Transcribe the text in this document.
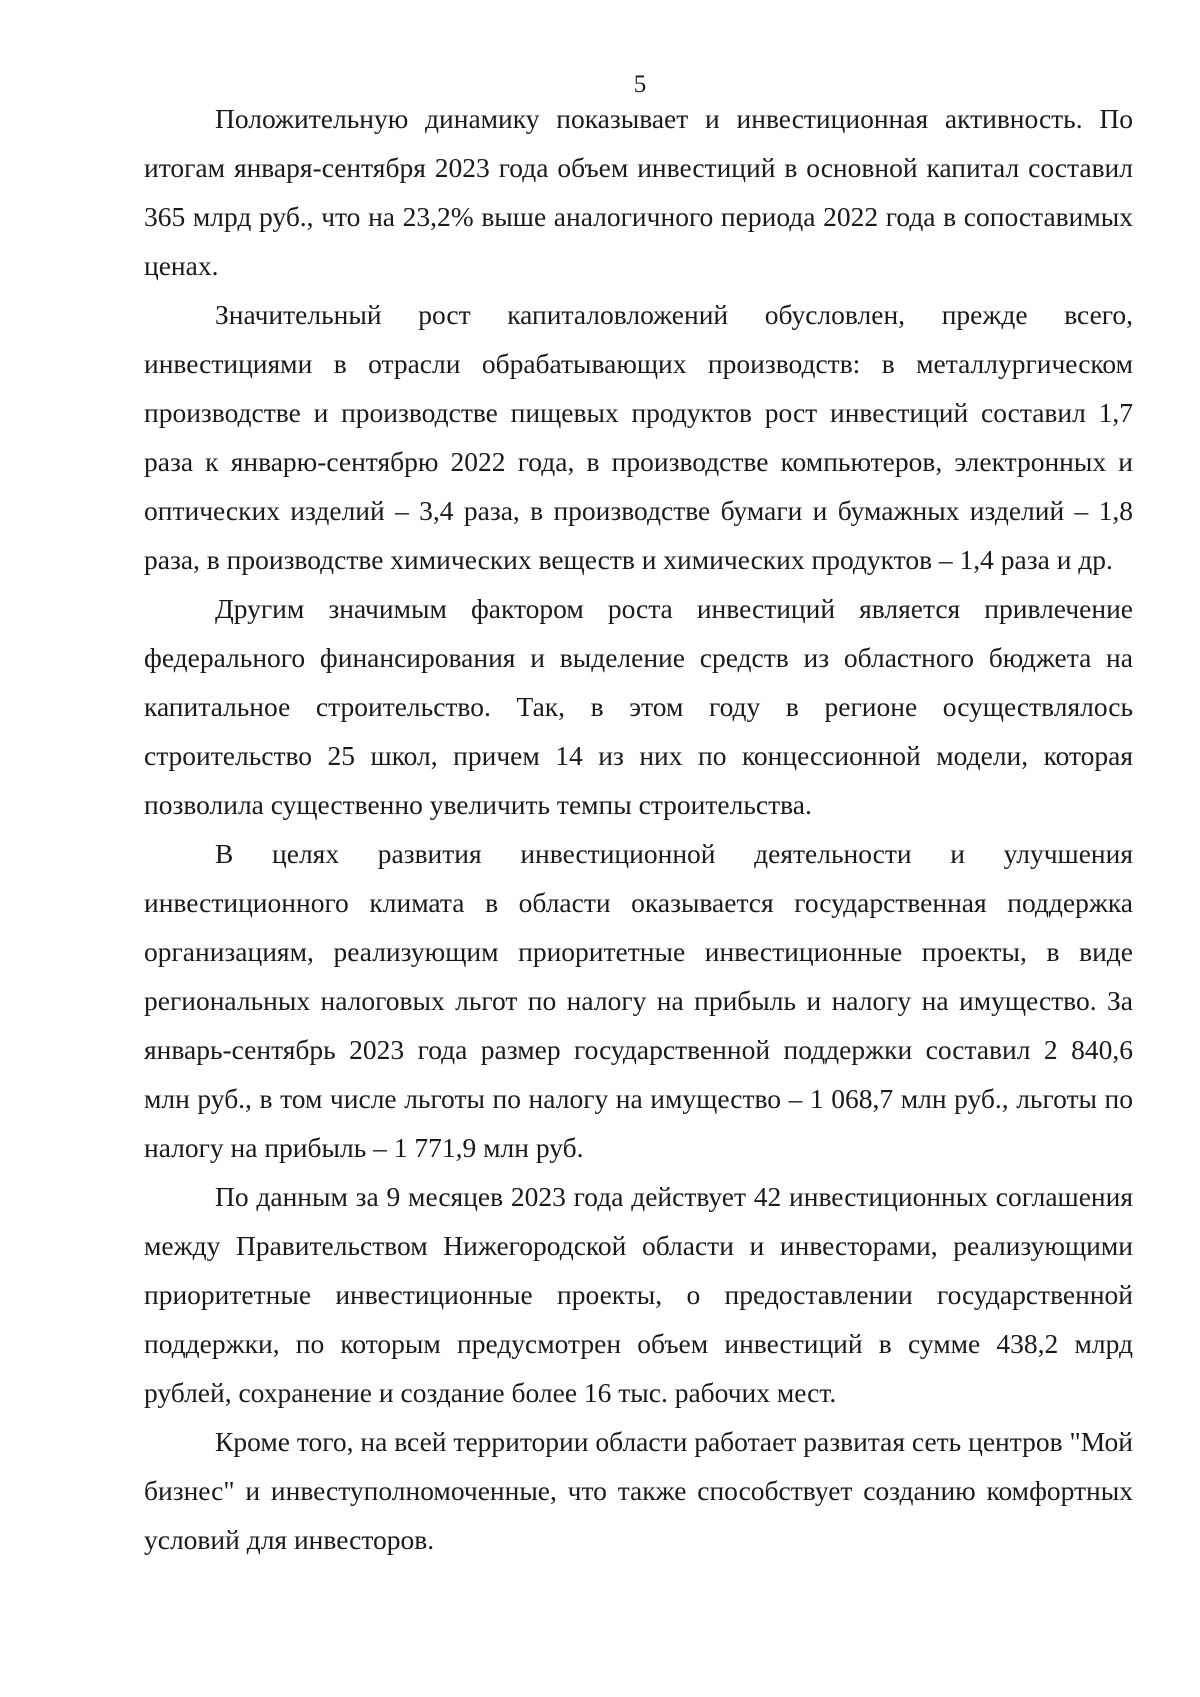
5

Положительную динамику показывает и инвестиционная активность. По итогам января-сентября 2023 года объем инвестиций в основной капитал составил 365 млрд руб., что на 23,2% выше аналогичного периода 2022 года в сопоставимых ценах.

Значительный рост капиталовложений обусловлен, прежде всего, инвестициями в отрасли обрабатывающих производств: в металлургическом производстве и производстве пищевых продуктов рост инвестиций составил 1,7 раза к январю-сентябрю 2022 года, в производстве компьютеров, электронных и оптических изделий – 3,4 раза, в производстве бумаги и бумажных изделий – 1,8 раза, в производстве химических веществ и химических продуктов – 1,4 раза и др.

Другим значимым фактором роста инвестиций является привлечение федерального финансирования и выделение средств из областного бюджета на капитальное строительство. Так, в этом году в регионе осуществлялось строительство 25 школ, причем 14 из них по концессионной модели, которая позволила существенно увеличить темпы строительства.

В целях развития инвестиционной деятельности и улучшения инвестиционного климата в области оказывается государственная поддержка организациям, реализующим приоритетные инвестиционные проекты, в виде региональных налоговых льгот по налогу на прибыль и налогу на имущество. За январь-сентябрь 2023 года размер государственной поддержки составил 2 840,6 млн руб., в том числе льготы по налогу на имущество – 1 068,7 млн руб., льготы по налогу на прибыль – 1 771,9 млн руб.

По данным за 9 месяцев 2023 года действует 42 инвестиционных соглашения между Правительством Нижегородской области и инвесторами, реализующими приоритетные инвестиционные проекты, о предоставлении государственной поддержки, по которым предусмотрен объем инвестиций в сумме 438,2 млрд рублей, сохранение и создание более 16 тыс. рабочих мест.

Кроме того, на всей территории области работает развитая сеть центров "Мой бизнес" и инвеступолномоченные, что также способствует созданию комфортных условий для инвесторов.
